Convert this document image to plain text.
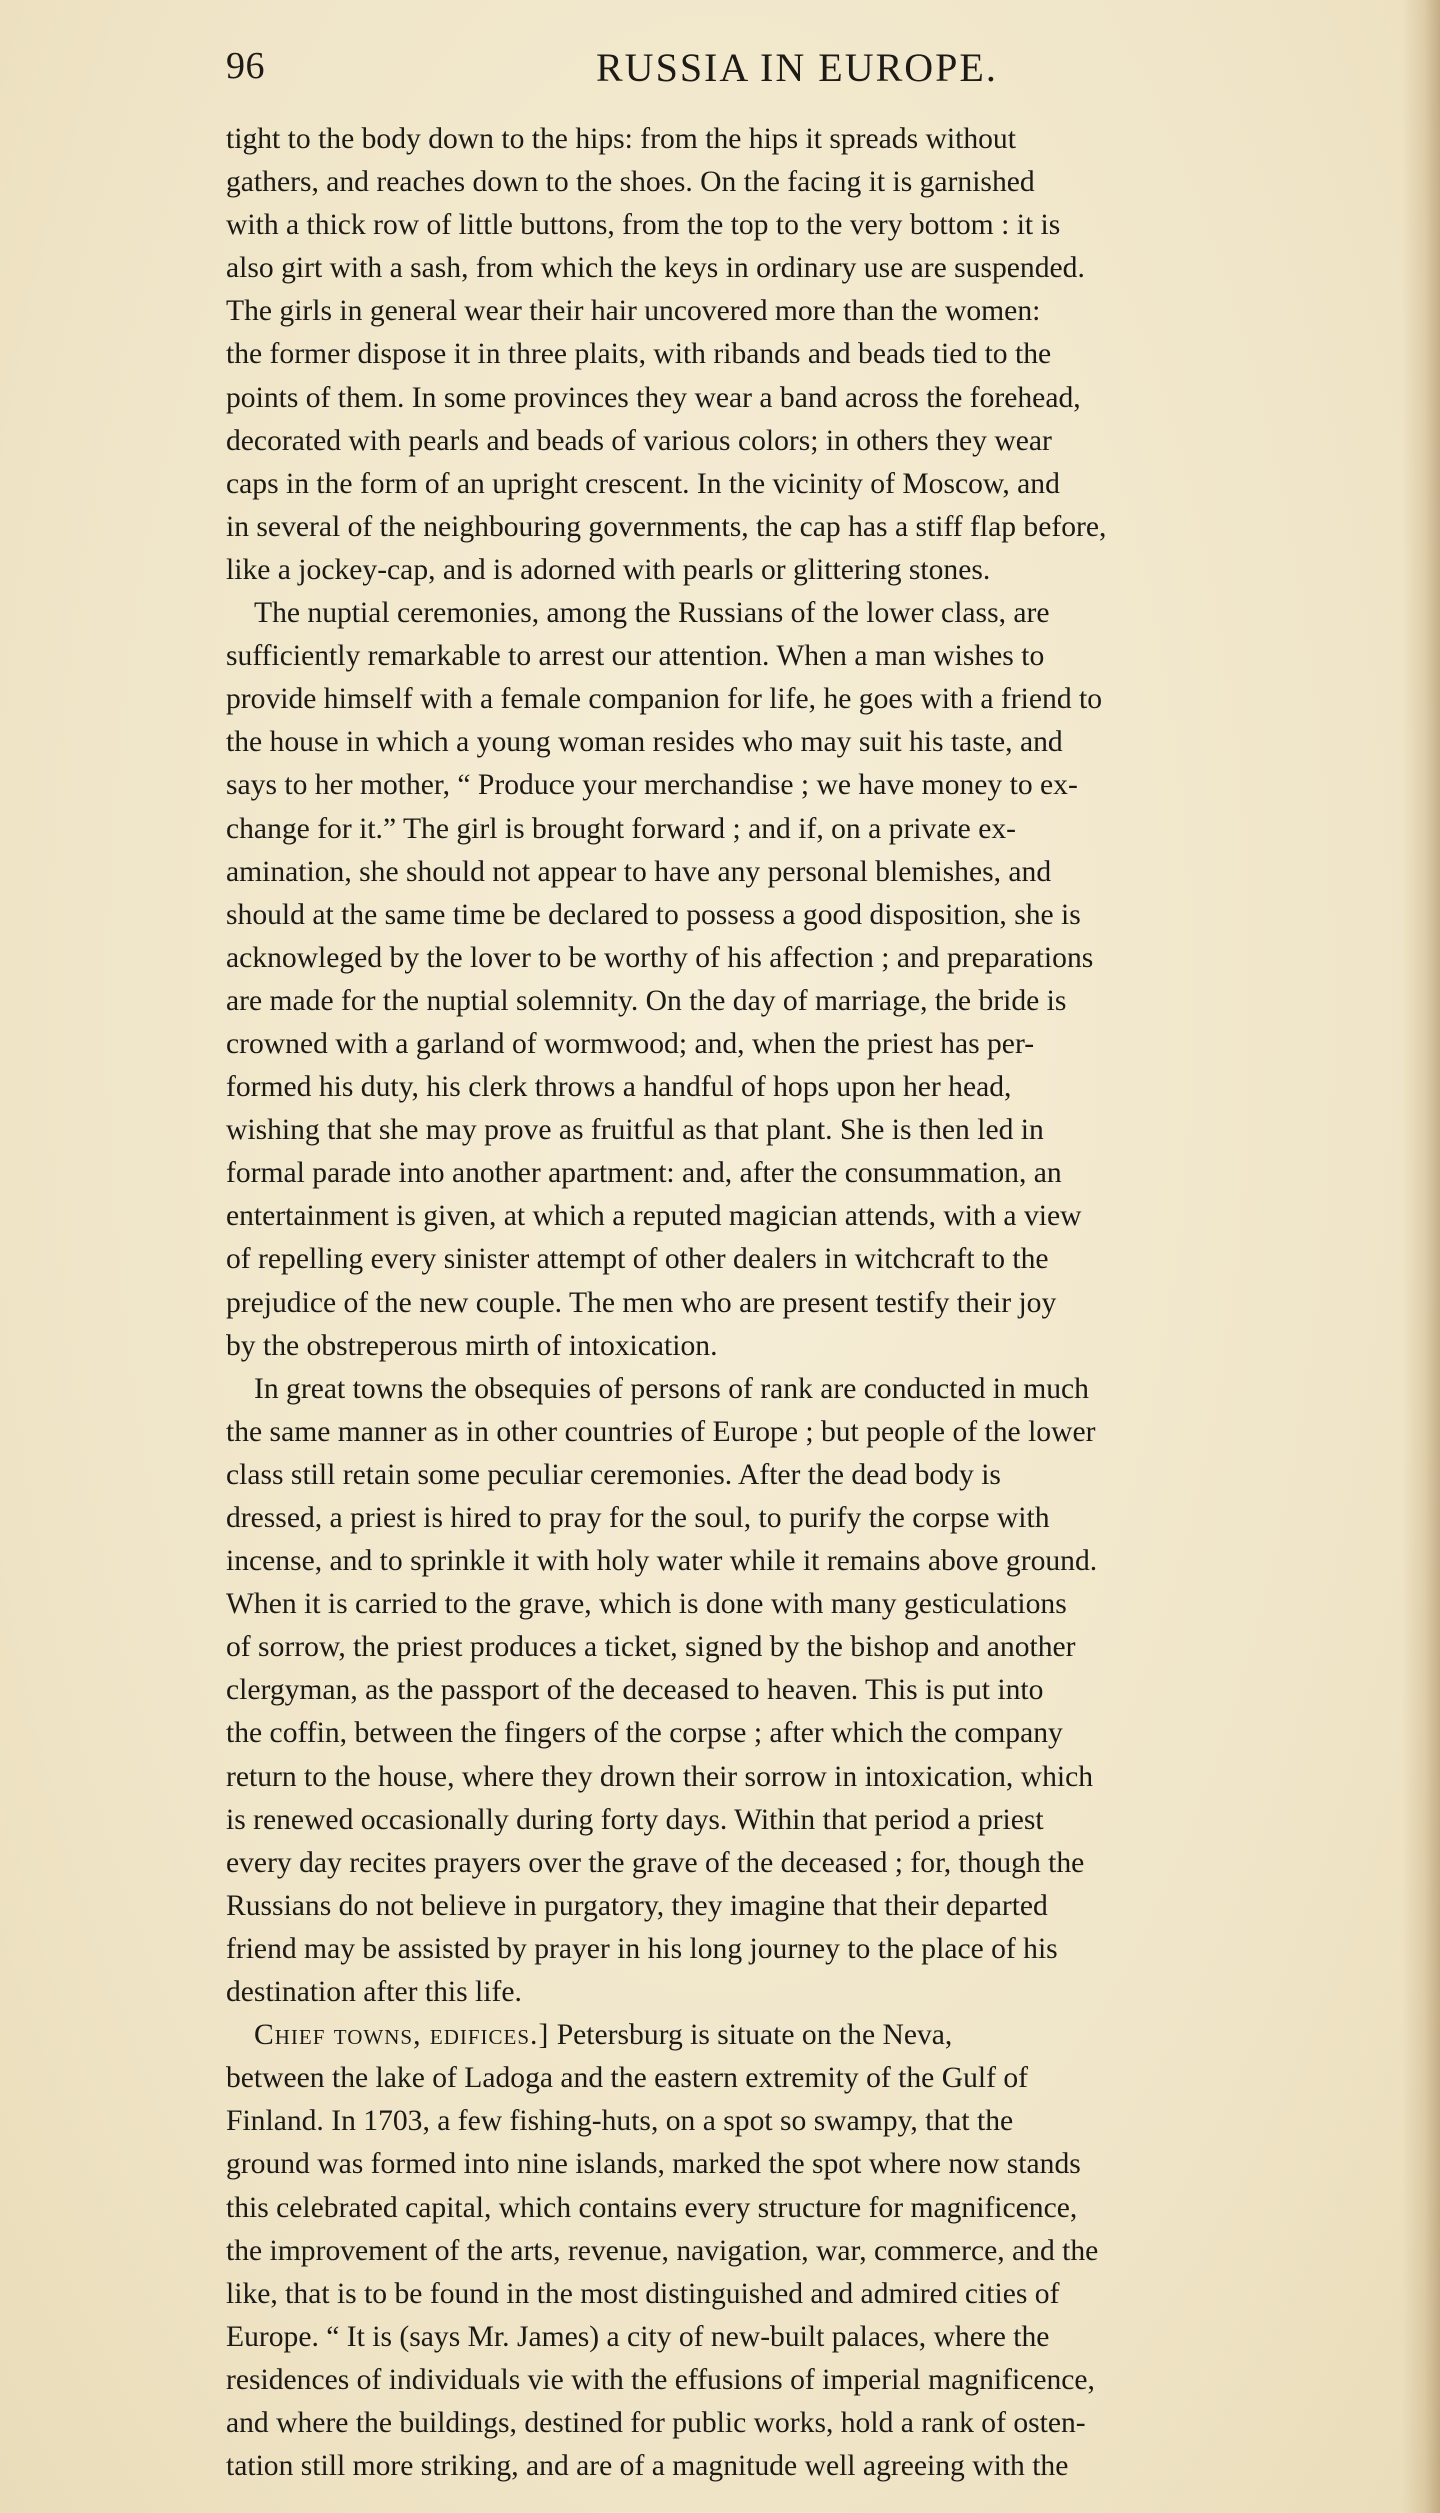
96	RUSSIA IN EUROPE.
tight to the body down to the hips: from the hips it spreads without
gathers, and reaches down to the shoes. On the facing it is garnished
with a thick row of little buttons, from the top to the very bottom : it is
also girt with a sash, from which the keys in ordinary use are suspended.
The girls in general wear their hair uncovered more than the women:
the former dispose it in three plaits, with ribands and beads tied to the
points of them. In some provinces they wear a band across the forehead,
decorated with pearls and beads of various colors; in others they wear
caps in the form of an upright crescent. In the vicinity of Moscow, and
in several of the neighbouring governments, the cap has a stiff flap before,
like a jockey-cap, and is adorned with pearls or glittering stones.
The nuptial ceremonies, among the Russians of the lower class, are
sufficiently remarkable to arrest our attention. When a man wishes to
provide himself with a female companion for life, he goes with a friend to
the house in which a young woman resides who may suit his taste, and
says to her mother, “ Produce your merchandise ; we have money to ex-
change for it.” The girl is brought forward ; and if, on a private ex-
amination, she should not appear to have any personal blemishes, and
should at the same time be declared to possess a good disposition, she is
acknowleged by the lover to be worthy of his affection ; and preparations
are made for the nuptial solemnity. On the day of marriage, the bride is
crowned with a garland of wormwood; and, when the priest has per-
formed his duty, his clerk throws a handful of hops upon her head,
wishing that she may prove as fruitful as that plant. She is then led in
formal parade into another apartment: and, after the consummation, an
entertainment is given, at which a reputed magician attends, with a view
of repelling every sinister attempt of other dealers in witchcraft to the
prejudice of the new couple. The men who are present testify their joy
by the obstreperous mirth of intoxication.
In great towns the obsequies of persons of rank are conducted in much
the same manner as in other countries of Europe ; but people of the lower
class still retain some peculiar ceremonies. After the dead body is
dressed, a priest is hired to pray for the soul, to purify the corpse with
incense, and to sprinkle it with holy water while it remains above ground.
When it is carried to the grave, which is done with many gesticulations
of sorrow, the priest produces a ticket, signed by the bishop and another
clergyman, as the passport of the deceased to heaven. This is put into
the coffin, between the fingers of the corpse ; after which the company
return to the house, where they drown their sorrow in intoxication, which
is renewed occasionally during forty days. Within that period a priest
every day recites prayers over the grave of the deceased ; for, though the
Russians do not believe in purgatory, they imagine that their departed
friend may be assisted by prayer in his long journey to the place of his
destination after this life.
Chief towns, edifices.] Petersburg is situate on the Neva,
between the lake of Ladoga and the eastern extremity of the Gulf of
Finland. In 1703, a few fishing-huts, on a spot so swampy, that the
ground was formed into nine islands, marked the spot where now stands
this celebrated capital, which contains every structure for magnificence,
the improvement of the arts, revenue, navigation, war, commerce, and the
like, that is to be found in the most distinguished and admired cities of
Europe. “ It is (says Mr. James) a city of new-built palaces, where the
residences of individuals vie with the effusions of imperial magnificence,
and where the buildings, destined for public works, hold a rank of osten-
tation still more striking, and are of a magnitude well agreeing with the
